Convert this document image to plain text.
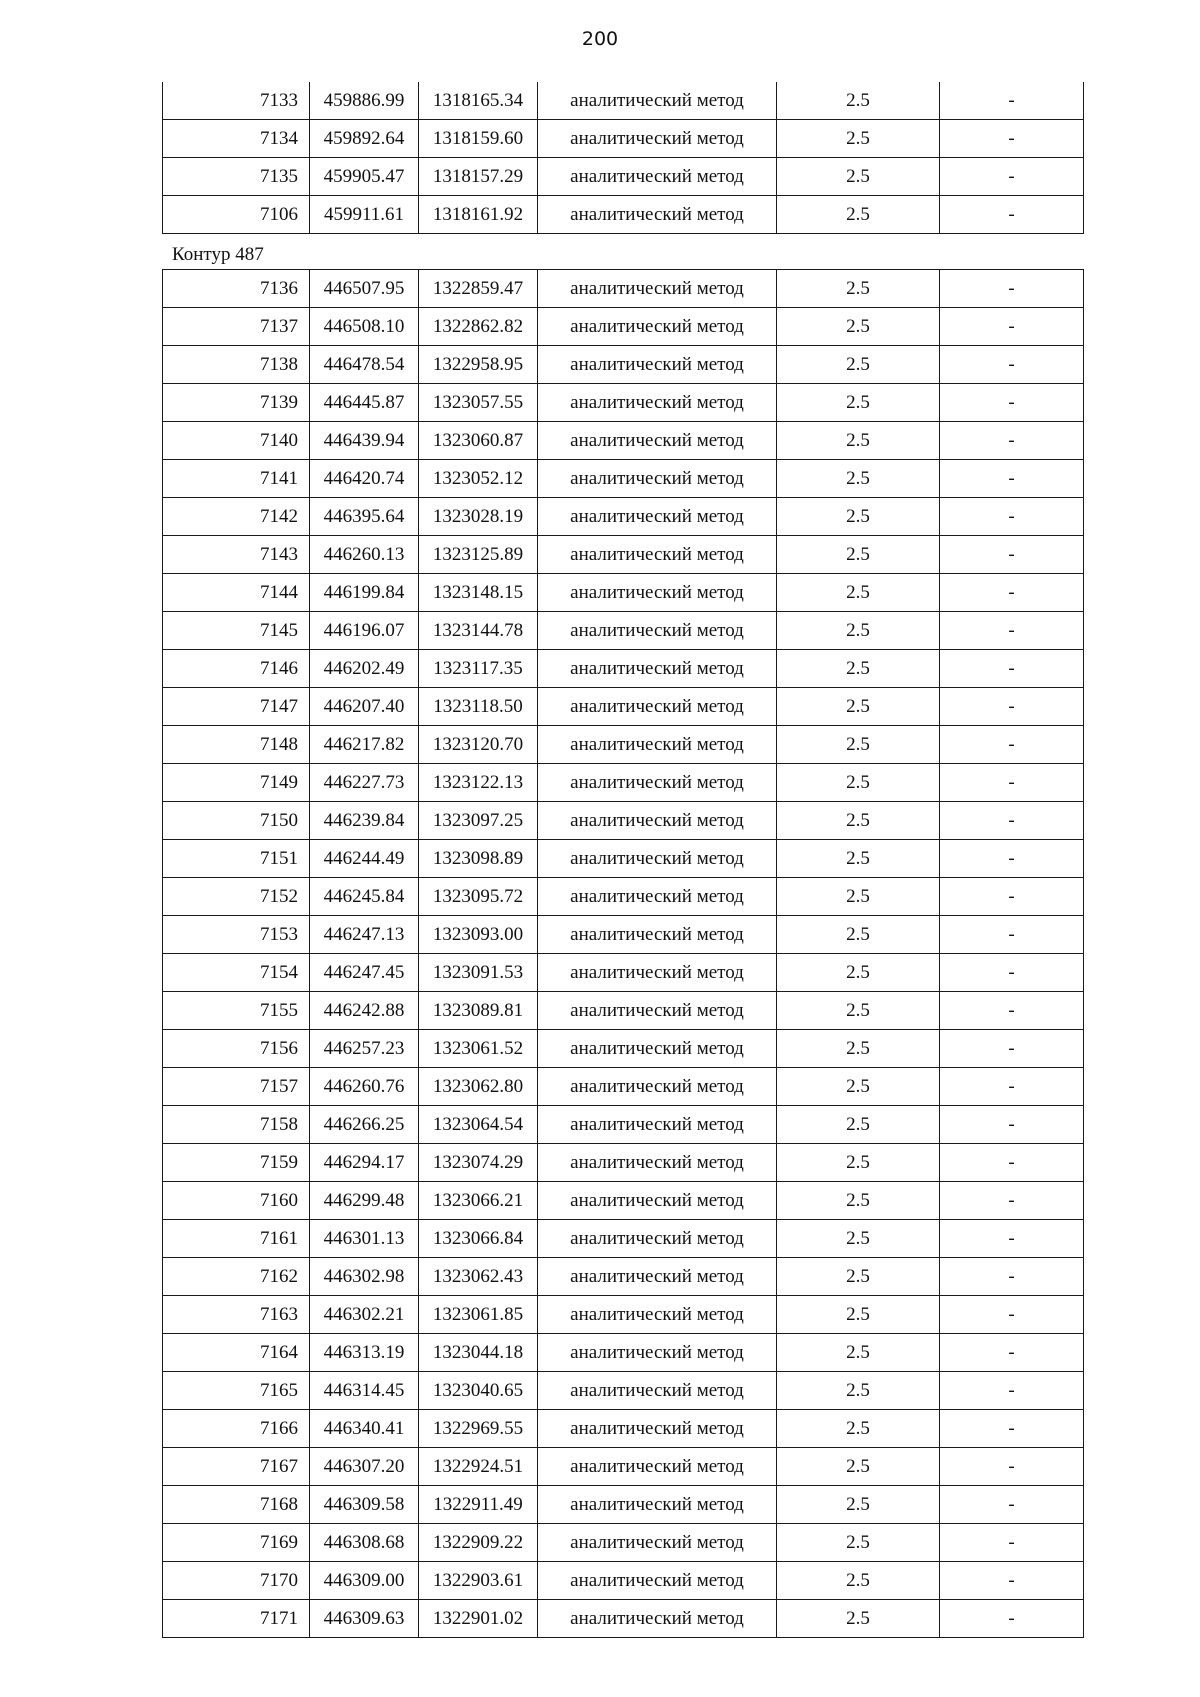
200
7133	459886.99	1318165.34	аналитический метод	2.5	-
7134	459892.64	1318159.60	аналитический метод	2.5	-
7135	459905.47	1318157.29	аналитический метод	2.5	-
7106	459911.61	1318161.92	аналитический метод	2.5	-
Контур 487
7136	446507.95	1322859.47	аналитический метод	2.5	-
7137	446508.10	1322862.82	аналитический метод	2.5	-
7138	446478.54	1322958.95	аналитический метод	2.5	-
7139	446445.87	1323057.55	аналитический метод	2.5	-
7140	446439.94	1323060.87	аналитический метод	2.5	-
7141	446420.74	1323052.12	аналитический метод	2.5	-
7142	446395.64	1323028.19	аналитический метод	2.5	-
7143	446260.13	1323125.89	аналитический метод	2.5	-
7144	446199.84	1323148.15	аналитический метод	2.5	-
7145	446196.07	1323144.78	аналитический метод	2.5	-
7146	446202.49	1323117.35	аналитический метод	2.5	-
7147	446207.40	1323118.50	аналитический метод	2.5	-
7148	446217.82	1323120.70	аналитический метод	2.5	-
7149	446227.73	1323122.13	аналитический метод	2.5	-
7150	446239.84	1323097.25	аналитический метод	2.5	-
7151	446244.49	1323098.89	аналитический метод	2.5	-
7152	446245.84	1323095.72	аналитический метод	2.5	-
7153	446247.13	1323093.00	аналитический метод	2.5	-
7154	446247.45	1323091.53	аналитический метод	2.5	-
7155	446242.88	1323089.81	аналитический метод	2.5	-
7156	446257.23	1323061.52	аналитический метод	2.5	-
7157	446260.76	1323062.80	аналитический метод	2.5	-
7158	446266.25	1323064.54	аналитический метод	2.5	-
7159	446294.17	1323074.29	аналитический метод	2.5	-
7160	446299.48	1323066.21	аналитический метод	2.5	-
7161	446301.13	1323066.84	аналитический метод	2.5	-
7162	446302.98	1323062.43	аналитический метод	2.5	-
7163	446302.21	1323061.85	аналитический метод	2.5	-
7164	446313.19	1323044.18	аналитический метод	2.5	-
7165	446314.45	1323040.65	аналитический метод	2.5	-
7166	446340.41	1322969.55	аналитический метод	2.5	-
7167	446307.20	1322924.51	аналитический метод	2.5	-
7168	446309.58	1322911.49	аналитический метод	2.5	-
7169	446308.68	1322909.22	аналитический метод	2.5	-
7170	446309.00	1322903.61	аналитический метод	2.5	-
7171	446309.63	1322901.02	аналитический метод	2.5	-
